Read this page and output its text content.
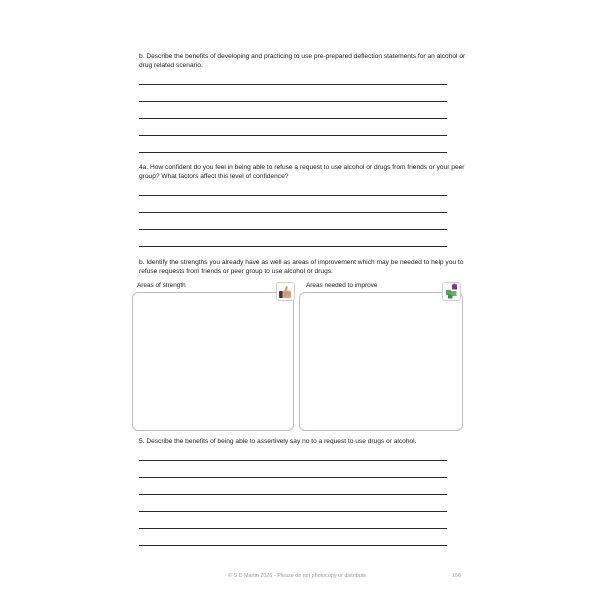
b. Describe the benefits of developing and practicing to use pre-prepared deflection statements for an alcohol or drug related scenario.
4a. How confident do you feel in being able to refuse a request to use alcohol or drugs from friends or your peer group? What factors affect this level of confidence?
b. Identify the strengths you already have as well as areas of improvement which may be needed to help you to refuse requests from friends or peer group to use alcohol or drugs.
Areas of strength	Areas needed to improve
5. Describe the benefits of being able to assertively say no to a request to use drugs or alcohol.
© S D Martin 2026 - Please do not photocopy or distribute	156
